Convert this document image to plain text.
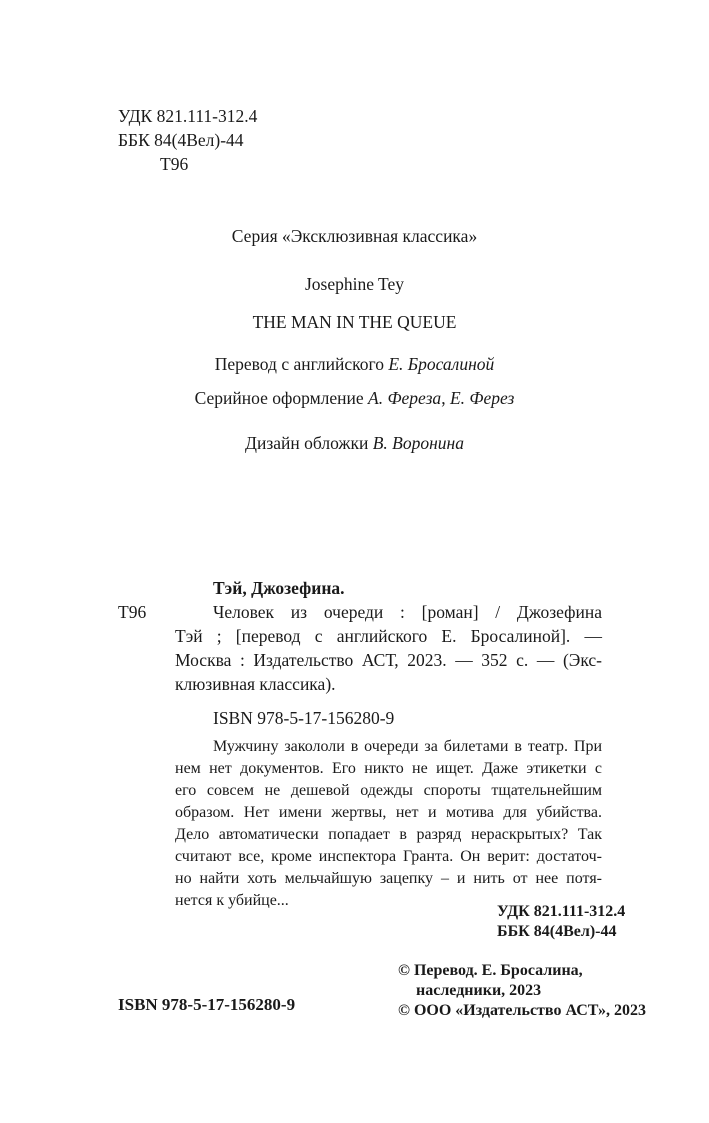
УДК 821.111-312.4
ББК 84(4Вел)-44
Т96
Серия «Эксклюзивная классика»
Josephine Tey
THE MAN IN THE QUEUE
Перевод с английского Е. Бросалиной
Серийное оформление А. Фереза, Е. Ферез
Дизайн обложки В. Воронина
Тэй, Джозефина.
Т96	Человек из очереди : [роман] / Джозефина
Тэй ; [перевод с английского Е. Бросалиной]. —
Москва : Издательство АСТ, 2023. — 352 с. — (Экс-
клюзивная классика).
ISBN 978-5-17-156280-9
Мужчину закололи в очереди за билетами в театр. При
нем нет документов. Его никто не ищет. Даже этикетки с
его совсем не дешевой одежды спороты тщательнейшим
образом. Нет имени жертвы, нет и мотива для убийства.
Дело автоматически попадает в разряд нераскрытых? Так
считают все, кроме инспектора Гранта. Он верит: достаточ-
но найти хоть мельчайшую зацепку – и нить от нее потя-
нется к убийце...
УДК 821.111-312.4
ББК 84(4Вел)-44
© Перевод. Е. Бросалина,
наследники, 2023
© ООО «Издательство АСТ», 2023
ISBN 978-5-17-156280-9
